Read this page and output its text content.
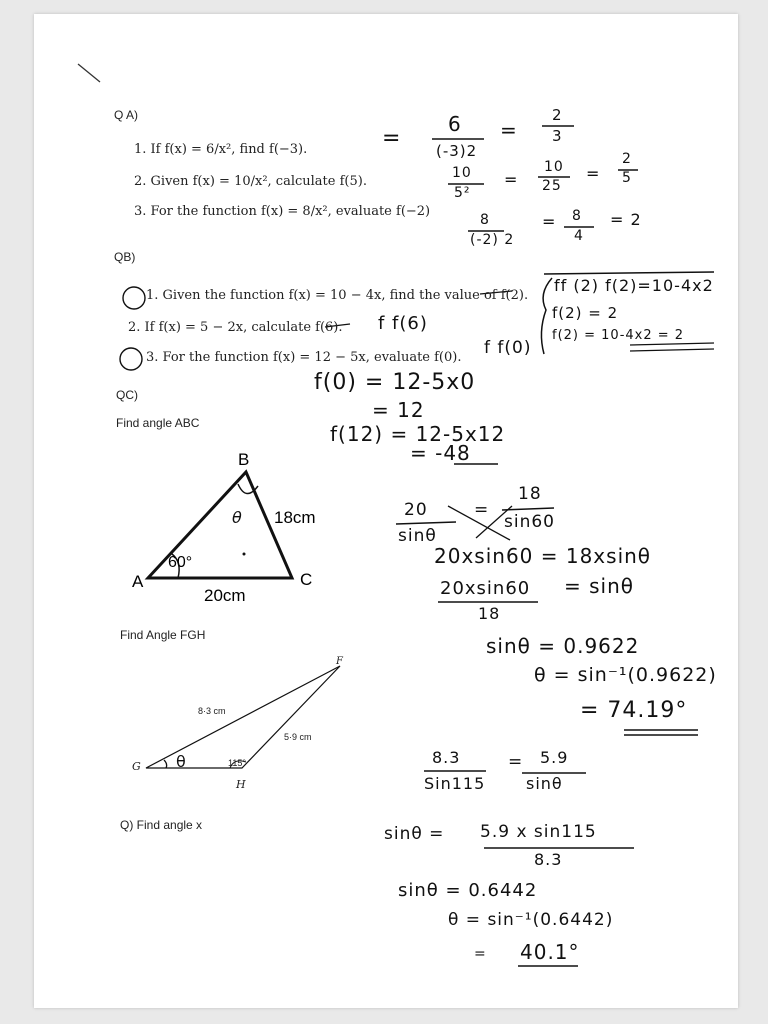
Q A)
1. If f(x) = 6/x², find f(−3).
2. Given f(x) = 10/x², calculate f(5).
3. For the function f(x) = 8/x², evaluate f(−2)
=
6
(-3)2
=
2
3
10
5²
=
10
25
=
2
5
8
(-2) 2
= 8
4
= 2
QB)
1. Given the function f(x) = 10 − 4x, find the value of f(2).
2. If f(x) = 5 − 2x, calculate f(6).
3. For the function f(x) = 12 − 5x, evaluate f(0).
f f(6)
f f(0)
ff (2) f(2)=10-4x2
f(2) = 2
f(2) = 10-4x2 = 2
f(0) = 12-5x0
= 12
f(12) = 12-5x12
= -48
QC)
Find angle ABC
B
A	C
18cm
20cm
60°
θ	20
sinθ
=
18
sin60
20xsin60 = 18xsinθ
20xsin60
18
= sinθ
sinθ = 0.9622
θ = sin⁻¹(0.9622)
= 74.19°
Find Angle FGH
F
G
H
8·3 cm
5·9 cm
115°
θ	8.3
Sin115
= 5.9
sinθ
sinθ = 5.9 x sin115
8.3
sinθ = 0.6442
θ = sin⁻¹(0.6442)
= 40.1°
Q) Find angle x
